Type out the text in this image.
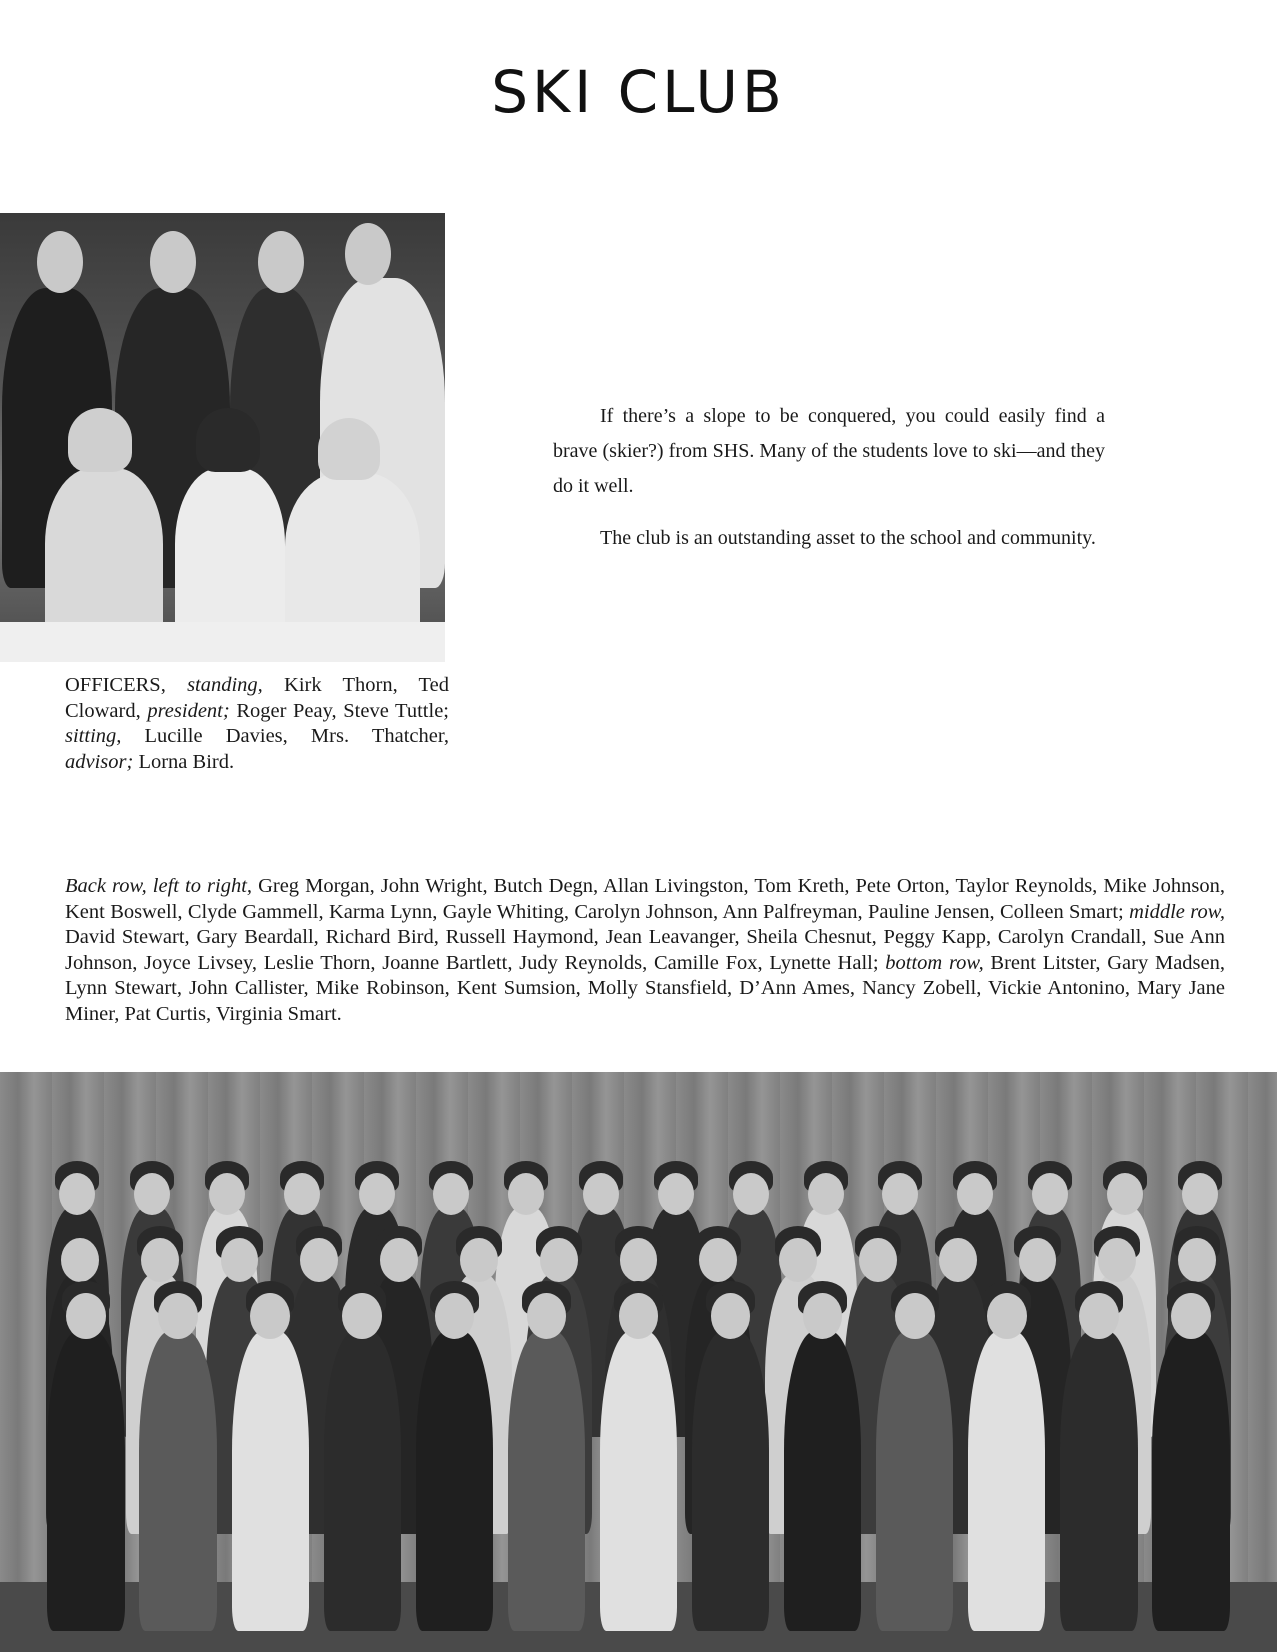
SKI CLUB

OFFICERS, standing, Kirk Thorn, Ted Cloward, president; Roger Peay, Steve Tuttle; sitting, Lucille Davies, Mrs. Thatcher, advisor; Lorna Bird.

If there’s a slope to be conquered, you could easily find a brave (skier?) from SHS. Many of the students love to ski—and they do it well.

The club is an outstanding asset to the school and community.

Back row, left to right, Greg Morgan, John Wright, Butch Degn, Allan Livingston, Tom Kreth, Pete Orton, Taylor Reynolds, Mike Johnson, Kent Boswell, Clyde Gammell, Karma Lynn, Gayle Whiting, Carolyn Johnson, Ann Palfreyman, Pauline Jensen, Colleen Smart; middle row, David Stewart, Gary Beardall, Richard Bird, Russell Haymond, Jean Leavanger, Sheila Chesnut, Peggy Kapp, Carolyn Crandall, Sue Ann Johnson, Joyce Livsey, Leslie Thorn, Joanne Bartlett, Judy Reynolds, Camille Fox, Lynette Hall; bottom row, Brent Litster, Gary Madsen, Lynn Stewart, John Callister, Mike Robinson, Kent Sumsion, Molly Stansfield, D’Ann Ames, Nancy Zobell, Vickie Antonino, Mary Jane Miner, Pat Curtis, Virginia Smart.
